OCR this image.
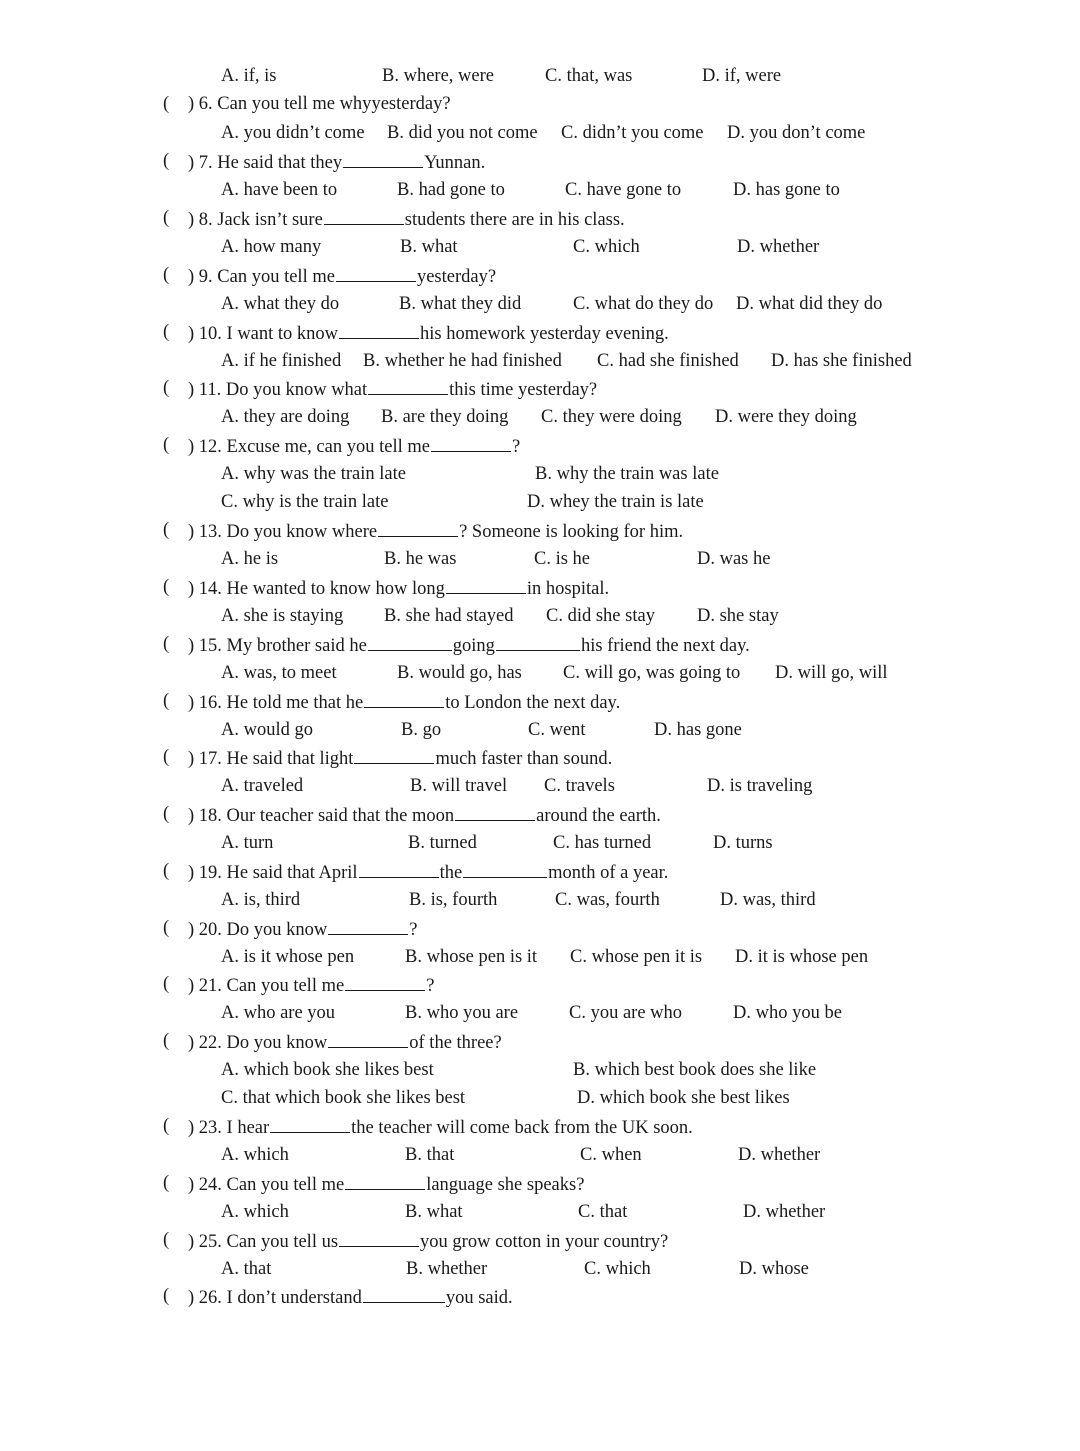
A. if, is	B. where, were	C. that, was	D. if, were
( ) 6. Can you tell me whyyesterday?
A. you didn’t come B. did you not come C. didn’t you come D. you don’t come
( ) 7. He said that they	Yunnan.
A. have been to	B. had gone to	C. have gone to	D. has gone to
( ) 8. Jack isn’t sure	students there are in his class.
A. how many	B. what	C. which	D. whether
( ) 9. Can you tell me	yesterday?
A. what they do	B. what they did	C. what do they do D. what did they do
( ) 10. I want to know	his homework yesterday evening.
A. if he finished B. whether he had finished C. had she finished D. has she finished
( ) 11. Do you know what	this time yesterday?
A. they are doing B. are they doing C. they were doing D. were they doing
( ) 12. Excuse me, can you tell me	?
A. why was the train late	B. why the train was late
C. why is the train late	D. whey the train is late
( ) 13. Do you know where	? Someone is looking for him.
A. he is	B. he was	C. is he	D. was he
( ) 14. He wanted to know how long	in hospital.
A. she is staying B. she had stayed C. did she stay D. she stay
( ) 15. My brother said he	going	his friend the next day.
A. was, to meet	B. would go, has C. will go, was going to D. will go, will
( ) 16. He told me that he	to London the next day.
A. would go	B. go	C. went	D. has gone
( ) 17. He said that light	much faster than sound.
A. traveled	B. will travel C. travels	D. is traveling
( ) 18. Our teacher said that the moon	around the earth.
A. turn	B. turned	C. has turned	D. turns
( ) 19. He said that April	the	month of a year.
A. is, third	B. is, fourth	C. was, fourth	D. was, third
( ) 20. Do you know	?
A. is it whose pen	B. whose pen is it C. whose pen it is D. it is whose pen
( ) 21. Can you tell me	?
A. who are you	B. who you are	C. you are who	D. who you be
( ) 22. Do you know	of the three?
A. which book she likes best	B. which best book does she like
C. that which book she likes best	D. which book she best likes
( ) 23. I hear	the teacher will come back from the UK soon.
A. which	B. that	C. when	D. whether
( ) 24. Can you tell me	language she speaks?
A. which	B. what	C. that	D. whether
( ) 25. Can you tell us	you grow cotton in your country?
A. that	B. whether	C. which	D. whose
( ) 26. I don’t understand	you said.
